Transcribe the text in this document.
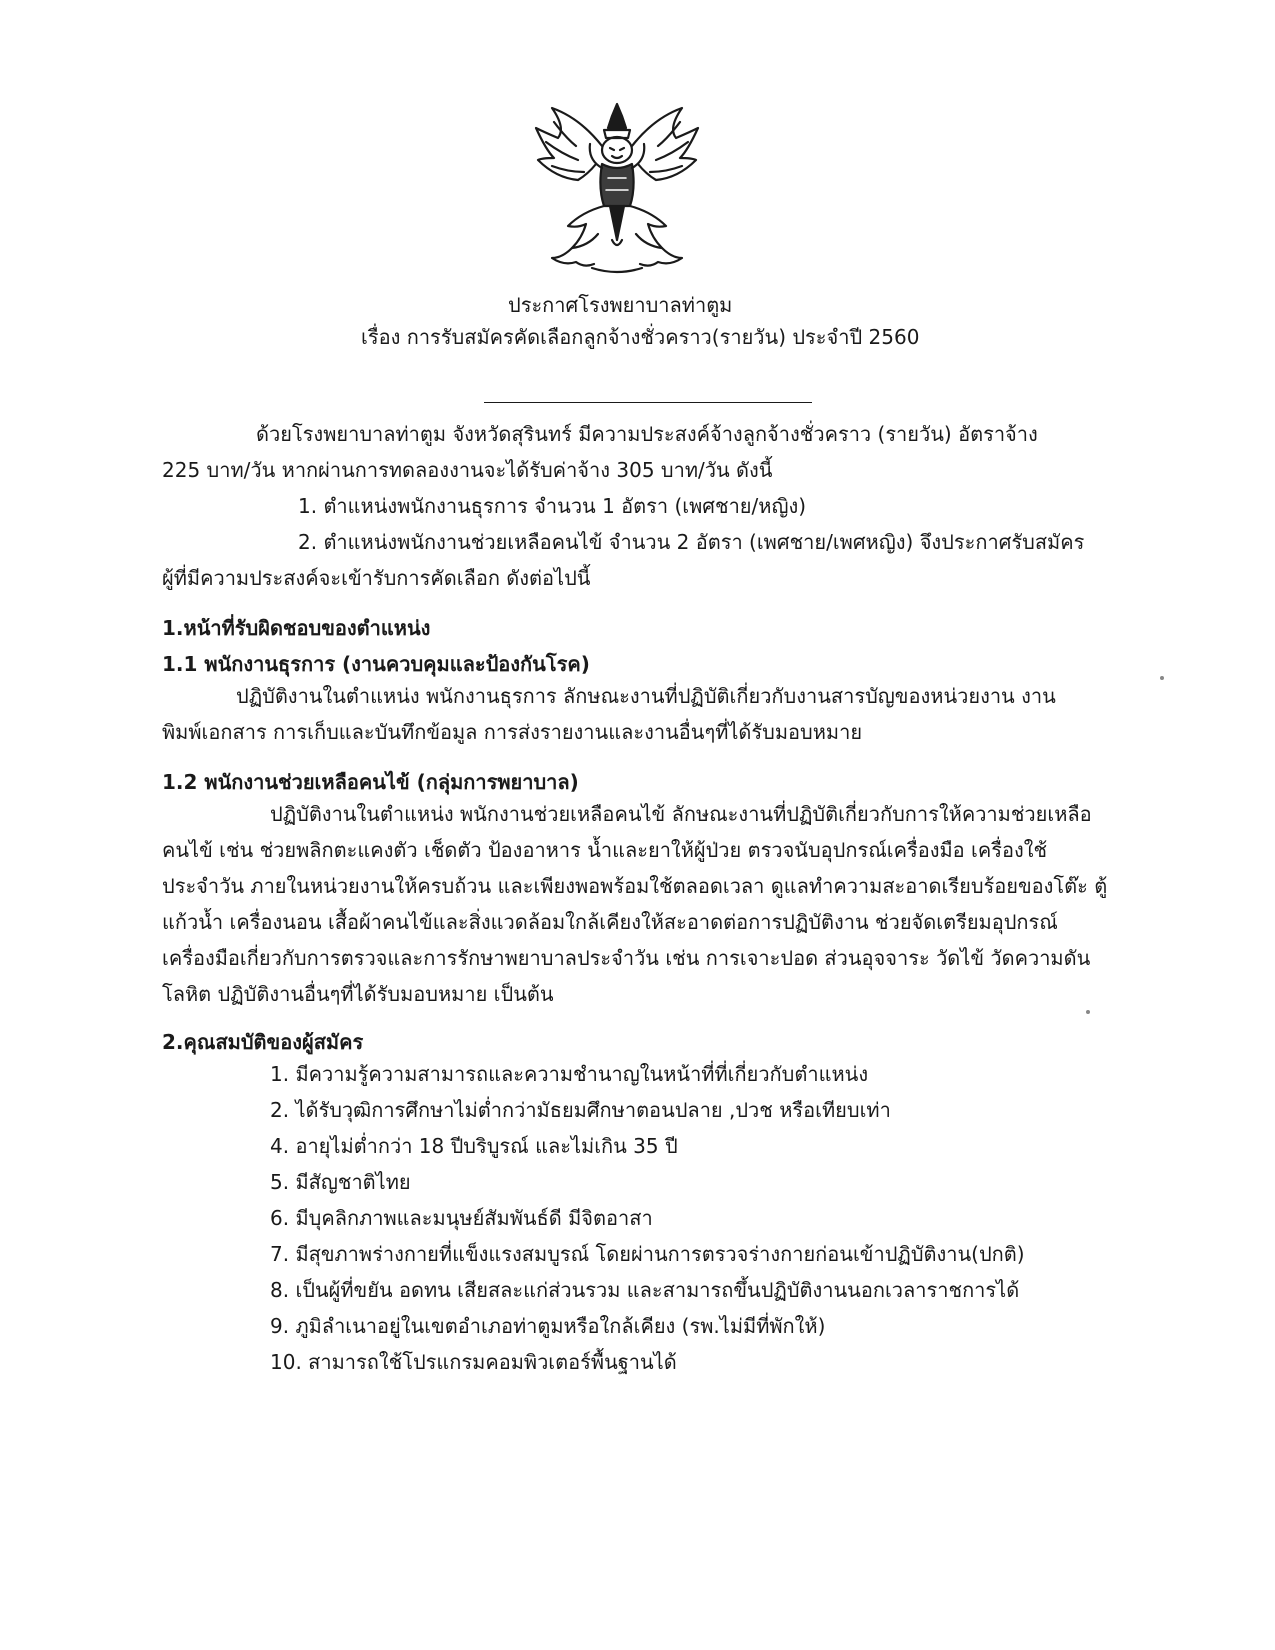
ประกาศโรงพยาบาลท่าตูม
เรื่อง การรับสมัครคัดเลือกลูกจ้างชั่วคราว(รายวัน) ประจำปี 2560
ด้วยโรงพยาบาลท่าตูม จังหวัดสุรินทร์ มีความประสงค์จ้างลูกจ้างชั่วคราว (รายวัน) อัตราจ้าง
225 บาท/วัน หากผ่านการทดลองงานจะได้รับค่าจ้าง 305 บาท/วัน ดังนี้
1. ตำแหน่งพนักงานธุรการ จำนวน 1 อัตรา (เพศชาย/หญิง)
2. ตำแหน่งพนักงานช่วยเหลือคนไข้ จำนวน 2 อัตรา (เพศชาย/เพศหญิง) จึงประกาศรับสมัคร
ผู้ที่มีความประสงค์จะเข้ารับการคัดเลือก ดังต่อไปนี้
1.หน้าที่รับผิดชอบของตำแหน่ง
1.1 พนักงานธุรการ (งานควบคุมและป้องกันโรค)
ปฏิบัติงานในตำแหน่ง พนักงานธุรการ ลักษณะงานที่ปฏิบัติเกี่ยวกับงานสารบัญของหน่วยงาน งาน
พิมพ์เอกสาร การเก็บและบันทึกข้อมูล การส่งรายงานและงานอื่นๆที่ได้รับมอบหมาย
1.2 พนักงานช่วยเหลือคนไข้ (กลุ่มการพยาบาล)
ปฏิบัติงานในตำแหน่ง พนักงานช่วยเหลือคนไข้ ลักษณะงานที่ปฏิบัติเกี่ยวกับการให้ความช่วยเหลือ
คนไข้ เช่น ช่วยพลิกตะแคงตัว เช็ดตัว ป้องอาหาร น้ำและยาให้ผู้ป่วย ตรวจนับอุปกรณ์เครื่องมือ เครื่องใช้
ประจำวัน ภายในหน่วยงานให้ครบถ้วน และเพียงพอพร้อมใช้ตลอดเวลา ดูแลทำความสะอาดเรียบร้อยของโต๊ะ ตู้
แก้วน้ำ เครื่องนอน เสื้อผ้าคนไข้และสิ่งแวดล้อมใกล้เคียงให้สะอาดต่อการปฏิบัติงาน ช่วยจัดเตรียมอุปกรณ์
เครื่องมือเกี่ยวกับการตรวจและการรักษาพยาบาลประจำวัน เช่น การเจาะปอด ส่วนอุจจาระ วัดไข้ วัดความดัน
โลหิต ปฏิบัติงานอื่นๆที่ได้รับมอบหมาย เป็นต้น
2.คุณสมบัติของผู้สมัคร
1. มีความรู้ความสามารถและความชำนาญในหน้าที่ที่เกี่ยวกับตำแหน่ง
2. ได้รับวุฒิการศึกษาไม่ต่ำกว่ามัธยมศึกษาตอนปลาย ,ปวช หรือเทียบเท่า
4. อายุไม่ต่ำกว่า 18 ปีบริบูรณ์ และไม่เกิน 35 ปี
5. มีสัญชาติไทย
6. มีบุคลิกภาพและมนุษย์สัมพันธ์ดี มีจิตอาสา
7. มีสุขภาพร่างกายที่แข็งแรงสมบูรณ์ โดยผ่านการตรวจร่างกายก่อนเข้าปฏิบัติงาน(ปกติ)
8. เป็นผู้ที่ขยัน อดทน เสียสละแก่ส่วนรวม และสามารถขึ้นปฏิบัติงานนอกเวลาราชการได้
9. ภูมิลำเนาอยู่ในเขตอำเภอท่าตูมหรือใกล้เคียง (รพ.ไม่มีที่พักให้)
10. สามารถใช้โปรแกรมคอมพิวเตอร์พื้นฐานได้
